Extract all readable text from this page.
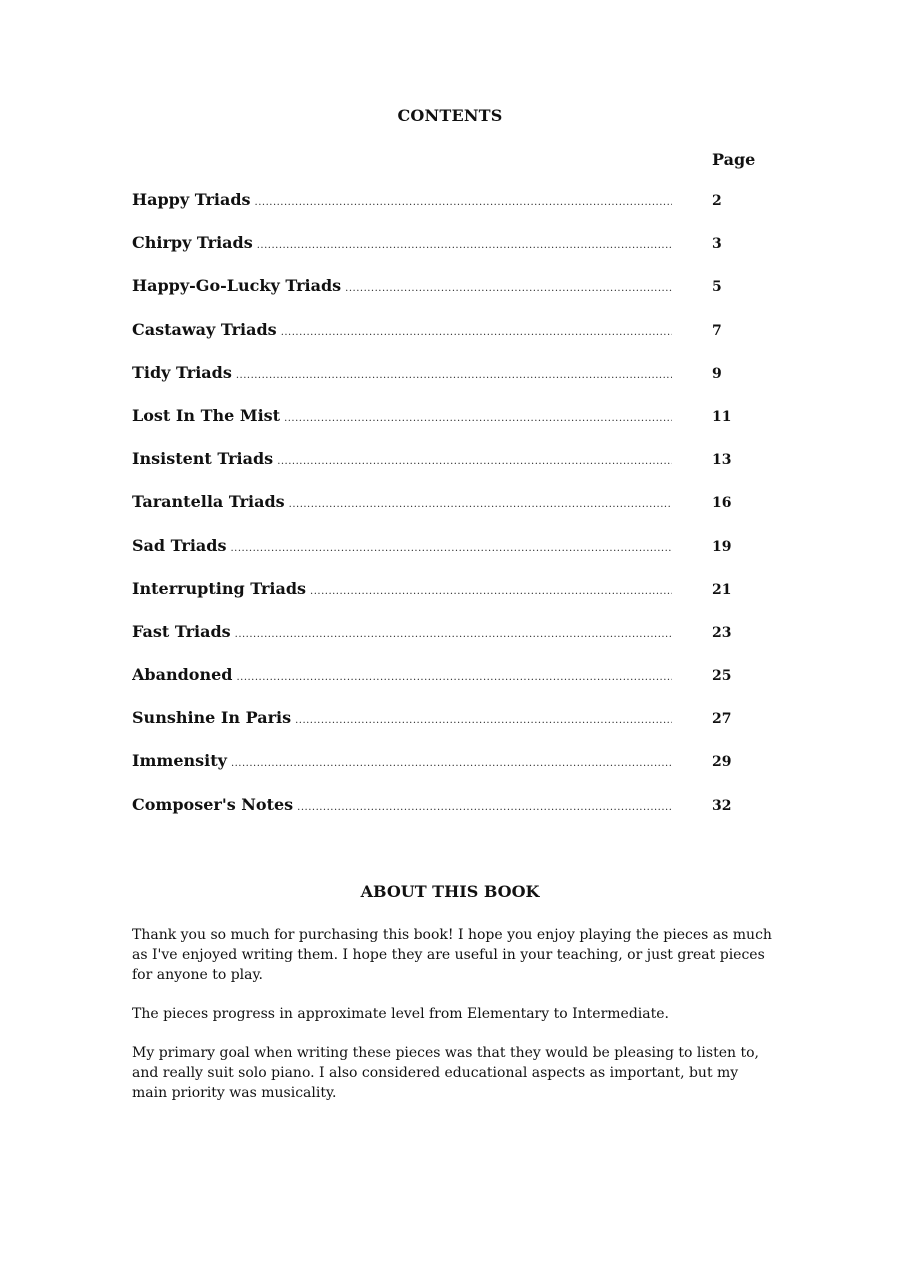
CONTENTS
Page
Happy Triads .....	2
Chirpy Triads .....	3
Happy-Go-Lucky Triads .....	5
Castaway Triads .....	7
Tidy Triads .....	9
Lost In The Mist .....	11
Insistent Triads .....	13
Tarantella Triads .....	16
Sad Triads .....	19
Interrupting Triads .....	21
Fast Triads .....	23
Abandoned .....	25
Sunshine In Paris .....	27
Immensity .....	29
Composer's Notes .....	32
ABOUT THIS BOOK

Thank you so much for purchasing this book! I hope you enjoy playing the pieces as much as I've enjoyed writing them. I hope they are useful in your teaching, or just great pieces for anyone to play.

The pieces progress in approximate level from Elementary to Intermediate.

My primary goal when writing these pieces was that they would be pleasing to listen to, and really suit solo piano. I also considered educational aspects as important, but my main priority was musicality.
